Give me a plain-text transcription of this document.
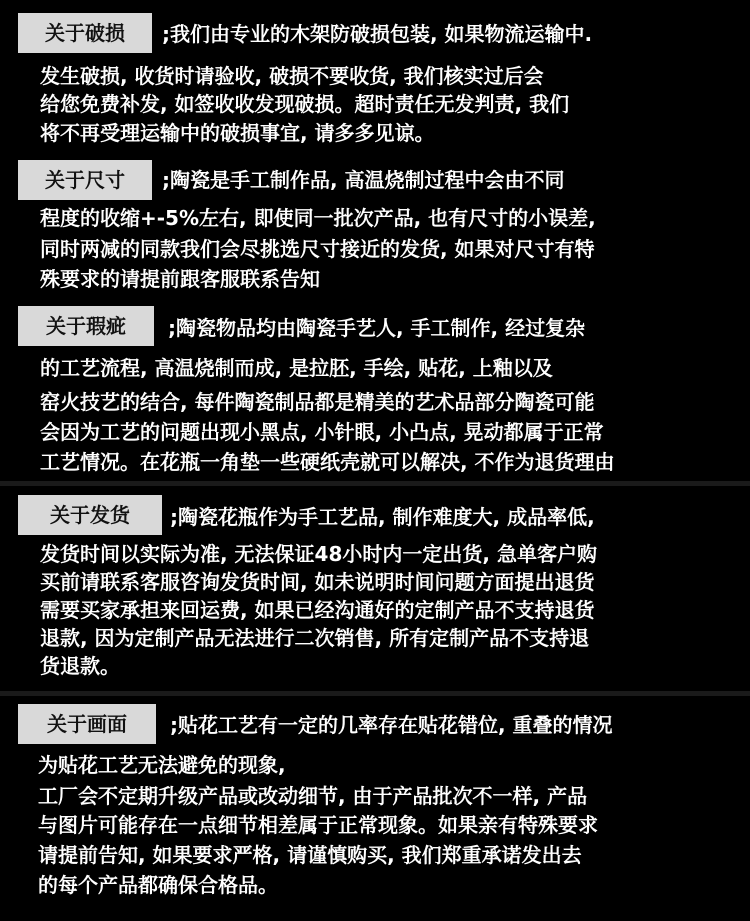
关于破损	;我们由专业的木架防破损包装, 如果物流运输中.
发生破损, 收货时请验收, 破损不要收货, 我们核实过后会
给您免费补发, 如签收收发现破损。超时责任无发判责, 我们
将不再受理运输中的破损事宜, 请多多见谅。
关于尺寸	;陶瓷是手工制作品, 高温烧制过程中会由不同
程度的收缩+-5%左右, 即使同一批次产品, 也有尺寸的小误差,
同时两减的同款我们会尽挑选尺寸接近的发货, 如果对尺寸有特
殊要求的请提前跟客服联系告知
关于瑕疵	;陶瓷物品均由陶瓷手艺人, 手工制作, 经过复杂
的工艺流程, 高温烧制而成, 是拉胚, 手绘, 贴花, 上釉以及
窑火技艺的结合, 每件陶瓷制品都是精美的艺术品部分陶瓷可能
会因为工艺的问题出现小黑点, 小针眼, 小凸点, 晃动都属于正常
工艺情况。在花瓶一角垫一些硬纸壳就可以解决, 不作为退货理由
关于发货	;陶瓷花瓶作为手工艺品, 制作难度大, 成品率低,
发货时间以实际为准, 无法保证48小时内一定出货, 急单客户购
买前请联系客服咨询发货时间, 如未说明时间问题方面提出退货
需要买家承担来回运费, 如果已经沟通好的定制产品不支持退货
退款, 因为定制产品无法进行二次销售, 所有定制产品不支持退
货退款。
关于画面	;贴花工艺有一定的几率存在贴花错位, 重叠的情况
为贴花工艺无法避免的现象,
工厂会不定期升级产品或改动细节, 由于产品批次不一样, 产品
与图片可能存在一点细节相差属于正常现象。如果亲有特殊要求
请提前告知, 如果要求严格, 请谨慎购买, 我们郑重承诺发出去
的每个产品都确保合格品。
